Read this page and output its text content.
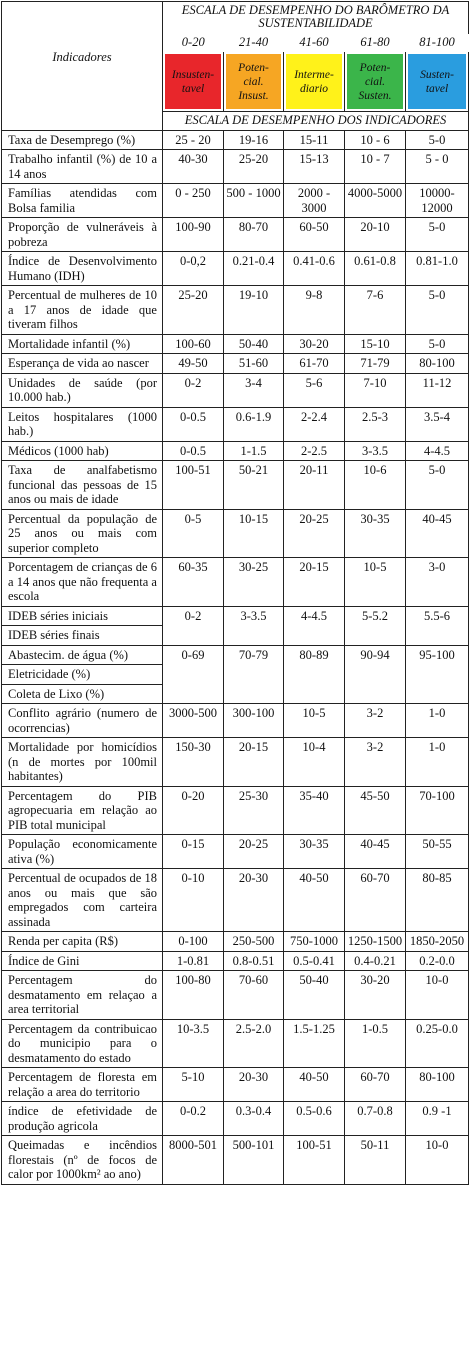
Indicadores	ESCALA DE DESEMPENHO DO BARÔMETRO DA SUSTENTABILIDADE				
	0-20	21-40	41-60	61-80	81-100

Insusten-tavel	Poten-cial. Insust.	Interme-diario	Poten-cial. Susten.	Susten-tavel

	ESCALA DE DESEMPENHO DOS INDICADORES				
Taxa de Desemprego (%)	25 - 20	19-16	15-11	10 - 6	5-0
Trabalho infantil (%) de 10 a 14 anos	40-30	25-20	15-13	10 - 7	5 - 0
Famílias atendidas com Bolsa familia	0 - 250	500 - 1000	2000 - 3000	4000-5000	10000-12000
Proporção de vulneráveis à pobreza	100-90	80-70	60-50	20-10	5-0
Índice de Desenvolvimento Humano (IDH)	0-0,2	0.21-0.4	0.41-0.6	0.61-0.8	0.81-1.0
Percentual de mulheres de 10 a 17 anos de idade que tiveram filhos	25-20	19-10	9-8	7-6	5-0
Mortalidade infantil (%)	100-60	50-40	30-20	15-10	5-0
Esperança de vida ao nascer	49-50	51-60	61-70	71-79	80-100
Unidades de saúde (por 10.000 hab.)	0-2	3-4	5-6	7-10	11-12
Leitos hospitalares (1000 hab.)	0-0.5	0.6-1.9	2-2.4	2.5-3	3.5-4
Médicos (1000 hab)	0-0.5	1-1.5	2-2.5	3-3.5	4-4.5
Taxa de analfabetismo funcional das pessoas de 15 anos ou mais de idade	100-51	50-21	20-11	10-6	5-0
Percentual da população de 25 anos ou mais com superior completo	0-5	10-15	20-25	30-35	40-45
Porcentagem de crianças de 6 a 14 anos que não frequenta a escola	60-35	30-25	20-15	10-5	3-0
IDEB séries iniciais	0-2	3-3.5	4-4.5	5-5.2	5.5-6
IDEB séries finais					
Abastecim. de água (%)	0-69	70-79	80-89	90-94	95-100
Eletricidade (%)					
Coleta de Lixo (%)					
Conflito agrário (numero de ocorrencias)	3000-500	300-100	10-5	3-2	1-0
Mortalidade por homicídios (n de mortes por 100mil habitantes)	150-30	20-15	10-4	3-2	1-0
Percentagem do PIB agropecuaria em relação ao PIB total municipal	0-20	25-30	35-40	45-50	70-100
População economicamente ativa (%)	0-15	20-25	30-35	40-45	50-55
Percentual de ocupados de 18 anos ou mais que são empregados com carteira assinada	0-10	20-30	40-50	60-70	80-85
Renda per capita (R$)	0-100	250-500	750-1000	1250-1500	1850-2050
Índice de Gini	1-0.81	0.8-0.51	0.5-0.41	0.4-0.21	0.2-0.0
Percentagem do desmatamento em relaçao a area territorial	100-80	70-60	50-40	30-20	10-0
Percentagem da contribuicao do municipio para o desmatamento do estado	10-3.5	2.5-2.0	1.5-1.25	1-0.5	0.25-0.0
Percentagem de floresta em relação a area do territorio	5-10	20-30	40-50	60-70	80-100
índice de efetividade de produção agricola	0-0.2	0.3-0.4	0.5-0.6	0.7-0.8	0.9 -1
Queimadas e incêndios florestais (nº de focos de calor por 1000km² ao ano)	8000-501	500-101	100-51	50-11	10-0
